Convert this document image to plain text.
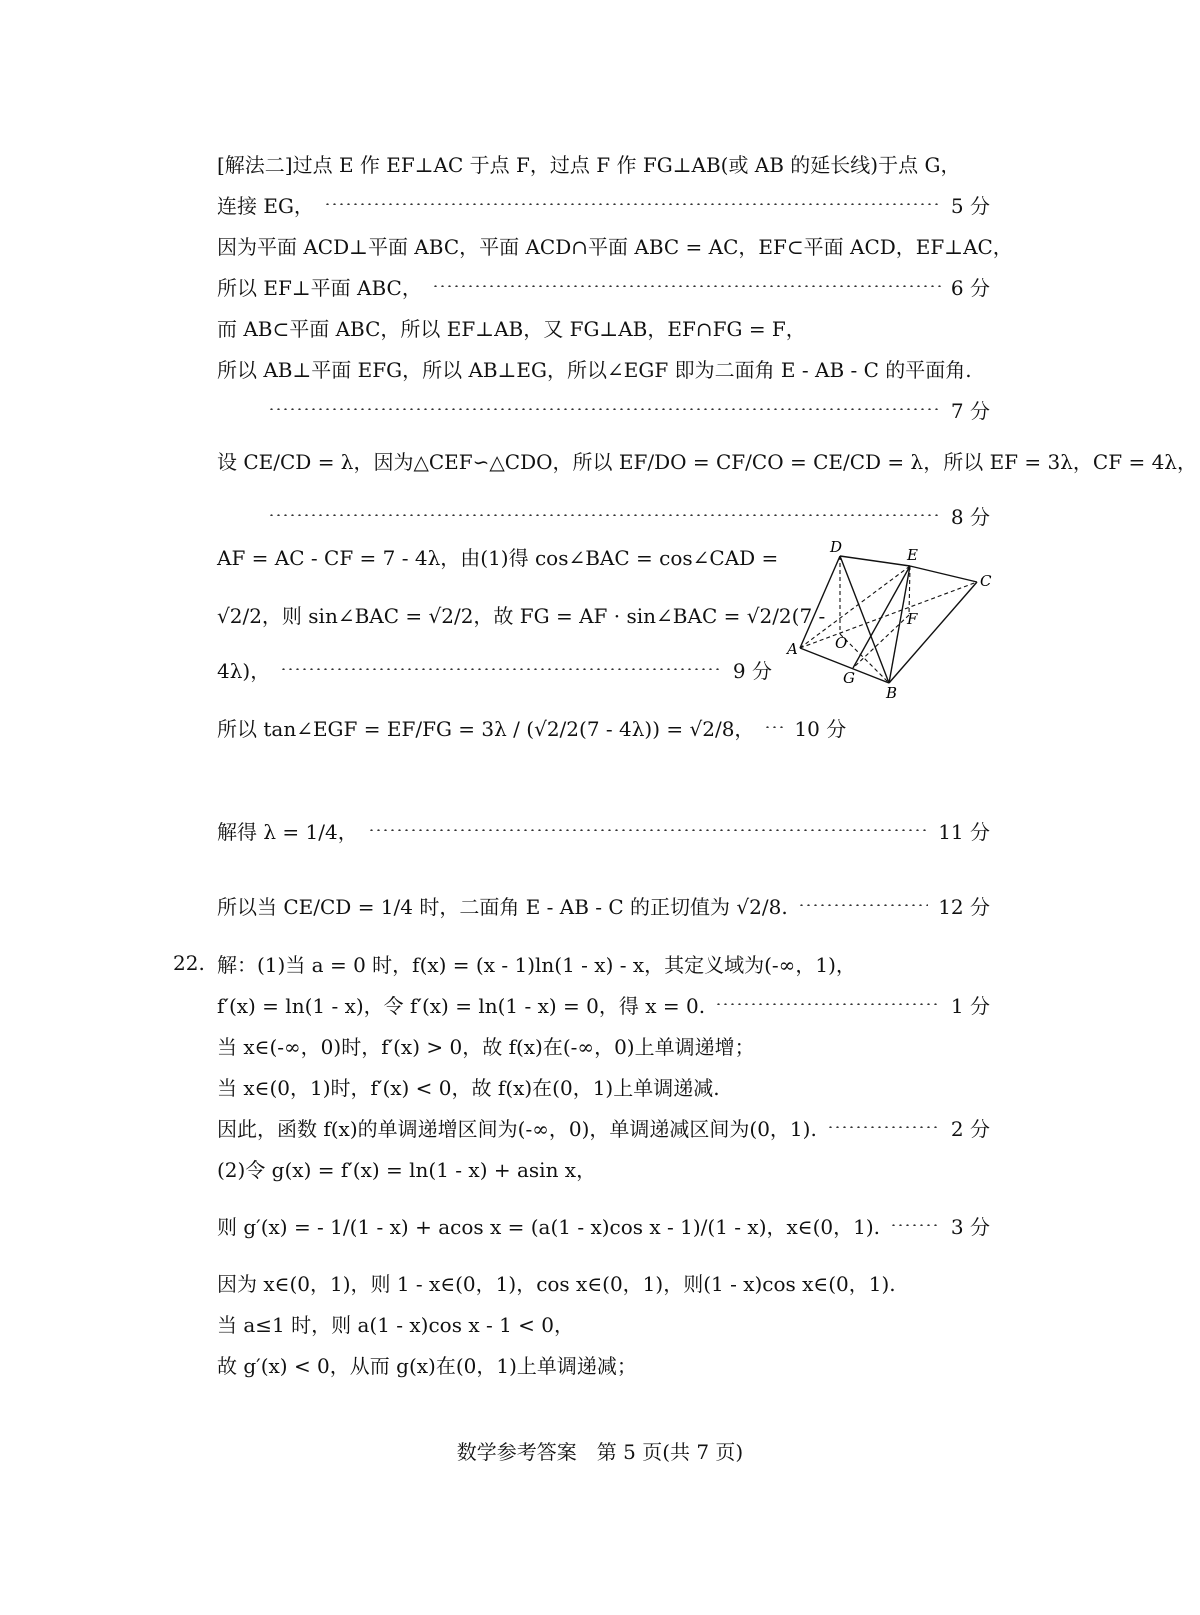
[解法二]过点 E 作 EF⊥AC 于点 F，过点 F 作 FG⊥AB(或 AB 的延长线)于点 G，
连接 EG，	5 分
因为平面 ACD⊥平面 ABC，平面 ACD∩平面 ABC = AC，EF⊂平面 ACD，EF⊥AC，
所以 EF⊥平面 ABC，	6 分
而 AB⊂平面 ABC，所以 EF⊥AB，又 FG⊥AB，EF∩FG = F，
所以 AB⊥平面 EFG，所以 AB⊥EG，所以∠EGF 即为二面角 E - AB - C 的平面角.
7 分
设 CE/CD = λ，因为△CEF∽△CDO，所以 EF/DO = CF/CO = CE/CD = λ，所以 EF = 3λ，CF = 4λ，
8 分
AF = AC - CF = 7 - 4λ，由(1)得 cos∠BAC = cos∠CAD =
√2/2，则 sin∠BAC = √2/2，故 FG = AF · sin∠BAC = √2/2(7 -
4λ)，	9 分
所以 tan∠EGF = EF/FG = 3λ / (√2/2(7 - 4λ)) = √2/8， 10 分
解得 λ = 1/4，	11 分
所以当 CE/CD = 1/4 时，二面角 E - AB - C 的正切值为 √2/8.	12 分
22. 解：(1)当 a = 0 时，f(x) = (x - 1)ln(1 - x) - x，其定义域为(-∞，1)，
f′(x) = ln(1 - x)，令 f′(x) = ln(1 - x) = 0，得 x = 0.	1 分
当 x∈(-∞，0)时，f′(x) > 0，故 f(x)在(-∞，0)上单调递增；
当 x∈(0，1)时，f′(x) < 0，故 f(x)在(0，1)上单调递减.
因此，函数 f(x)的单调递增区间为(-∞，0)，单调递减区间为(0，1).	2 分
(2)令 g(x) = f′(x) = ln(1 - x) + asin x，
则 g′(x) = - 1/(1 - x) + acos x = (a(1 - x)cos x - 1)/(1 - x)，x∈(0，1).	3 分
因为 x∈(0，1)，则 1 - x∈(0，1)，cos x∈(0，1)，则(1 - x)cos x∈(0，1).
当 a≤1 时，则 a(1 - x)cos x - 1 < 0，
故 g′(x) < 0，从而 g(x)在(0，1)上单调递减；
D	E
C
F
A O
G
B
数学参考答案　第 5 页(共 7 页)
